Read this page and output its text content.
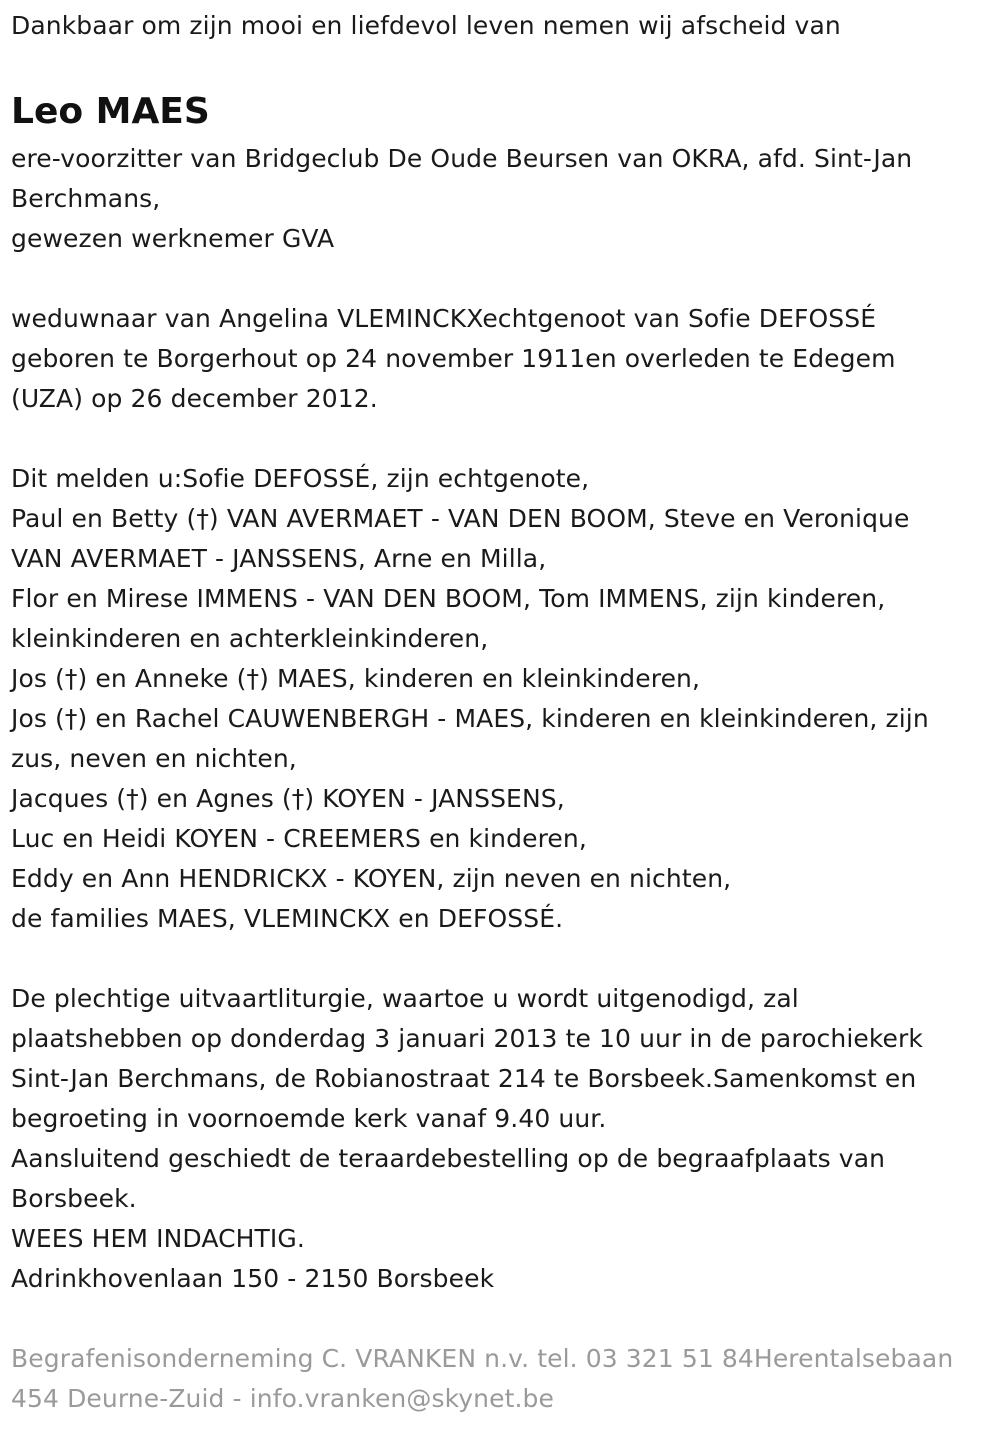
Dankbaar om zijn mooi en liefdevol leven nemen wij afscheid van
Leo MAES
ere-voorzitter van Bridgeclub De Oude Beursen van OKRA, afd. Sint-Jan
Berchmans,
gewezen werknemer GVA
weduwnaar van Angelina VLEMINCKXechtgenoot van Sofie DEFOSSÉ
geboren te Borgerhout op 24 november 1911en overleden te Edegem
(UZA) op 26 december 2012.
Dit melden u:Sofie DEFOSSÉ, zijn echtgenote,
Paul en Betty (†) VAN AVERMAET - VAN DEN BOOM, Steve en Veronique
VAN AVERMAET - JANSSENS, Arne en Milla,
Flor en Mirese IMMENS - VAN DEN BOOM, Tom IMMENS, zijn kinderen,
kleinkinderen en achterkleinkinderen,
Jos (†) en Anneke (†) MAES, kinderen en kleinkinderen,
Jos (†) en Rachel CAUWENBERGH - MAES, kinderen en kleinkinderen, zijn
zus, neven en nichten,
Jacques (†) en Agnes (†) KOYEN - JANSSENS,
Luc en Heidi KOYEN - CREEMERS en kinderen,
Eddy en Ann HENDRICKX - KOYEN, zijn neven en nichten,
de families MAES, VLEMINCKX en DEFOSSÉ.
De plechtige uitvaartliturgie, waartoe u wordt uitgenodigd, zal
plaatshebben op donderdag 3 januari 2013 te 10 uur in de parochiekerk
Sint-Jan Berchmans, de Robianostraat 214 te Borsbeek.Samenkomst en
begroeting in voornoemde kerk vanaf 9.40 uur.
Aansluitend geschiedt de teraardebestelling op de begraafplaats van
Borsbeek.
WEES HEM INDACHTIG.
Adrinkhovenlaan 150 - 2150 Borsbeek
Begrafenisonderneming C. VRANKEN n.v. tel. 03 321 51 84Herentalsebaan
454 Deurne-Zuid - info.vranken@skynet.be
